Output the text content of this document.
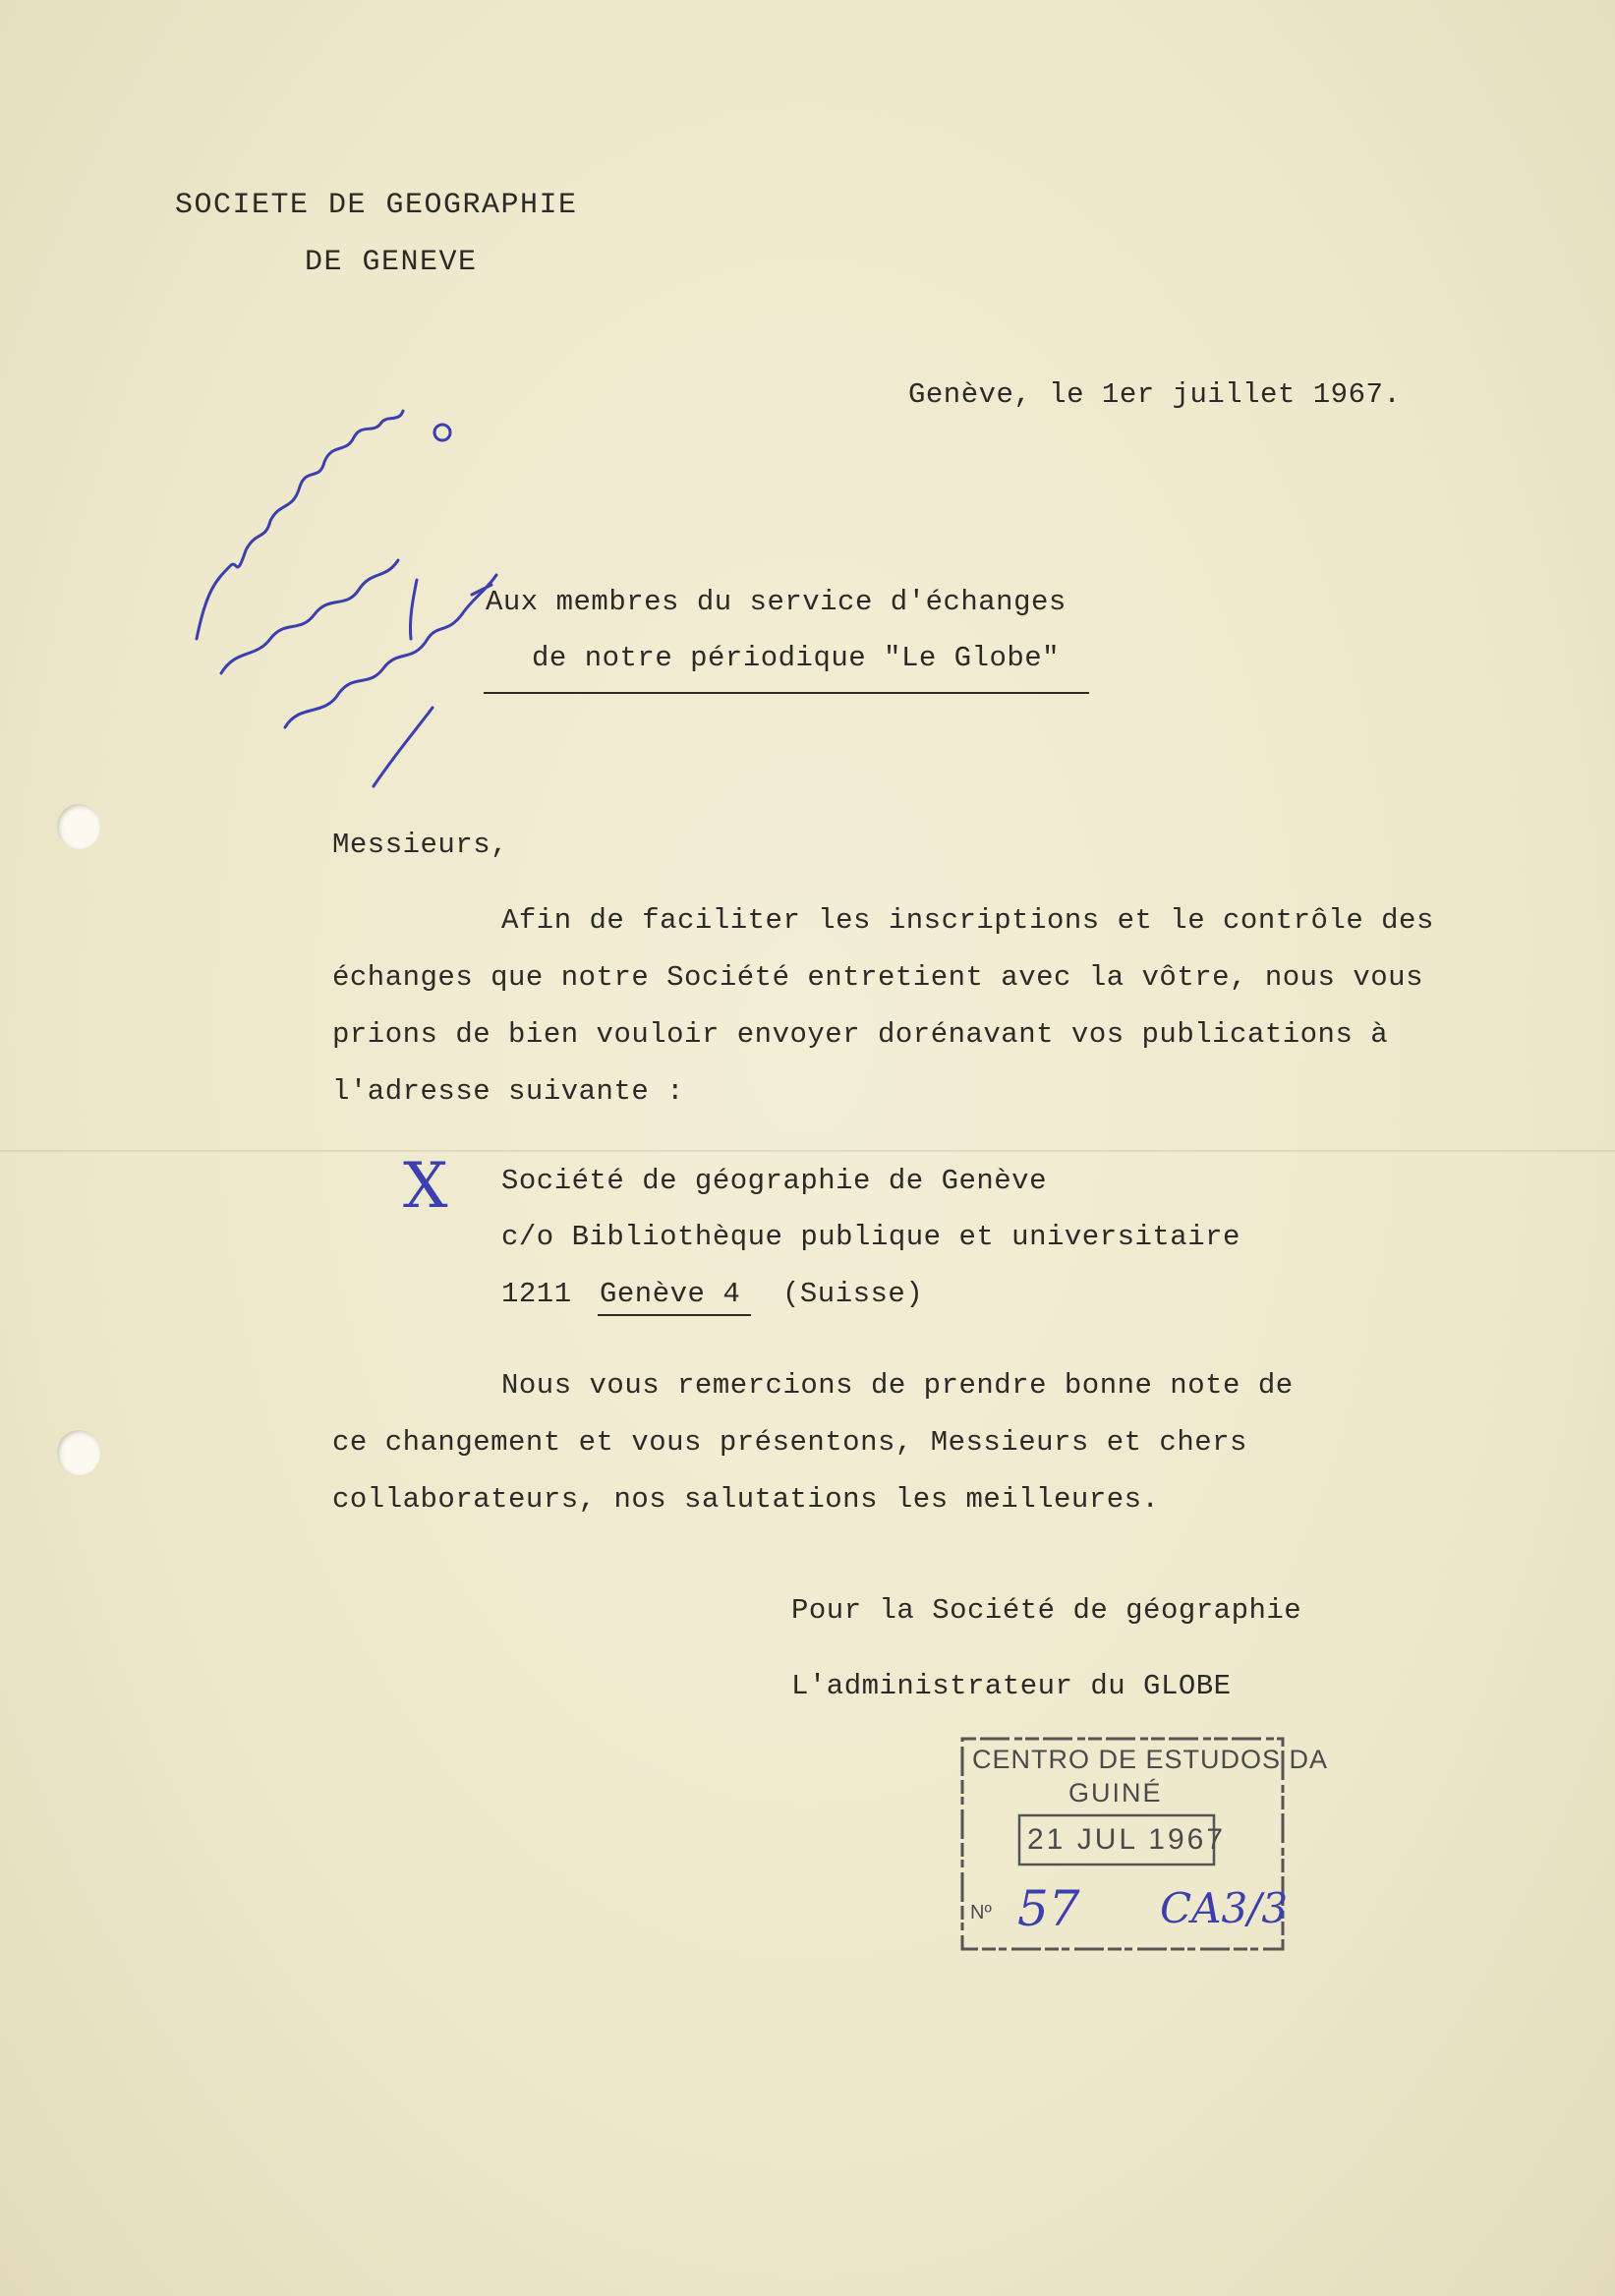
SOCIETE DE GEOGRAPHIE
DE GENEVE
Genève, le 1er juillet 1967.
Aux membres du service d'échanges
de notre périodique "Le Globe"
Messieurs,
Afin de faciliter les inscriptions et le contrôle des
échanges que notre Société entretient avec la vôtre, nous vous
prions de bien vouloir envoyer dorénavant vos publications à
l'adresse suivante :
Société de géographie de Genève
c/o Bibliothèque publique et universitaire
1211 Genève 4 (Suisse)
Nous vous remercions de prendre bonne note de
ce changement et vous présentons, Messieurs et chers
collaborateurs, nos salutations les meilleures.
Pour la Société de géographie
L'administrateur du GLOBE
X
CENTRO DE ESTUDOS DA
GUINÉ
21 JUL 1967
Nº 57 CA3/3
